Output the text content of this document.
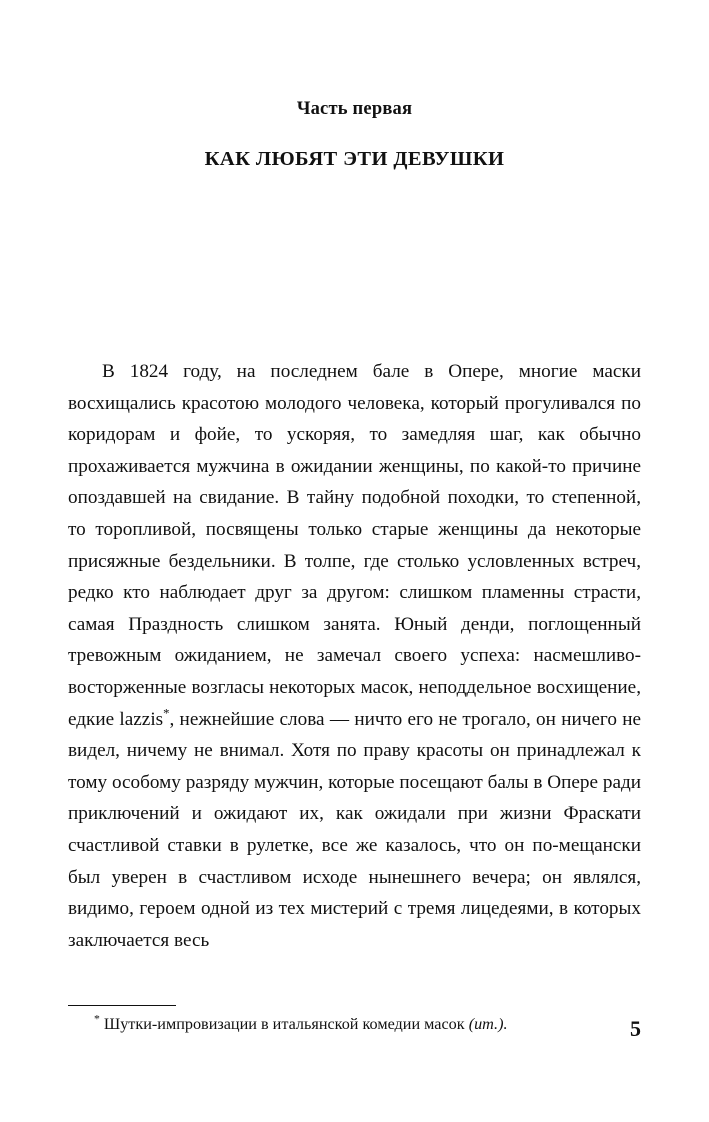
Часть первая
КАК ЛЮБЯТ ЭТИ ДЕВУШКИ

В 1824 году, на последнем бале в Опере, многие маски восхищались красотою молодого человека, который прогуливался по коридорам и фойе, то ускоряя, то замедляя шаг, как обычно прохаживается мужчина в ожидании женщины, по какой-то причине опоздавшей на свидание. В тайну подобной походки, то степенной, то торопливой, посвящены только старые женщины да некоторые присяжные бездельники. В толпе, где столько условленных встреч, редко кто наблюдает друг за другом: слишком пламенны страсти, самая Праздность слишком занята. Юный денди, поглощенный тревожным ожиданием, не замечал своего успеха: насмешливо-восторженные возгласы некоторых масок, неподдельное восхищение, едкие lazzis*, нежнейшие слова — ничто его не трогало, он ничего не видел, ничему не внимал. Хотя по праву красоты он принадлежал к тому особому разряду мужчин, которые посещают балы в Опере ради приключений и ожидают их, как ожидали при жизни Фраскати счастливой ставки в рулетке, все же казалось, что он по-мещански был уверен в счастливом исходе нынешнего вечера; он являлся, видимо, героем одной из тех мистерий с тремя лицедеями, в которых заключается весь

* Шутки-импровизации в итальянской комедии масок (ит.).	5
